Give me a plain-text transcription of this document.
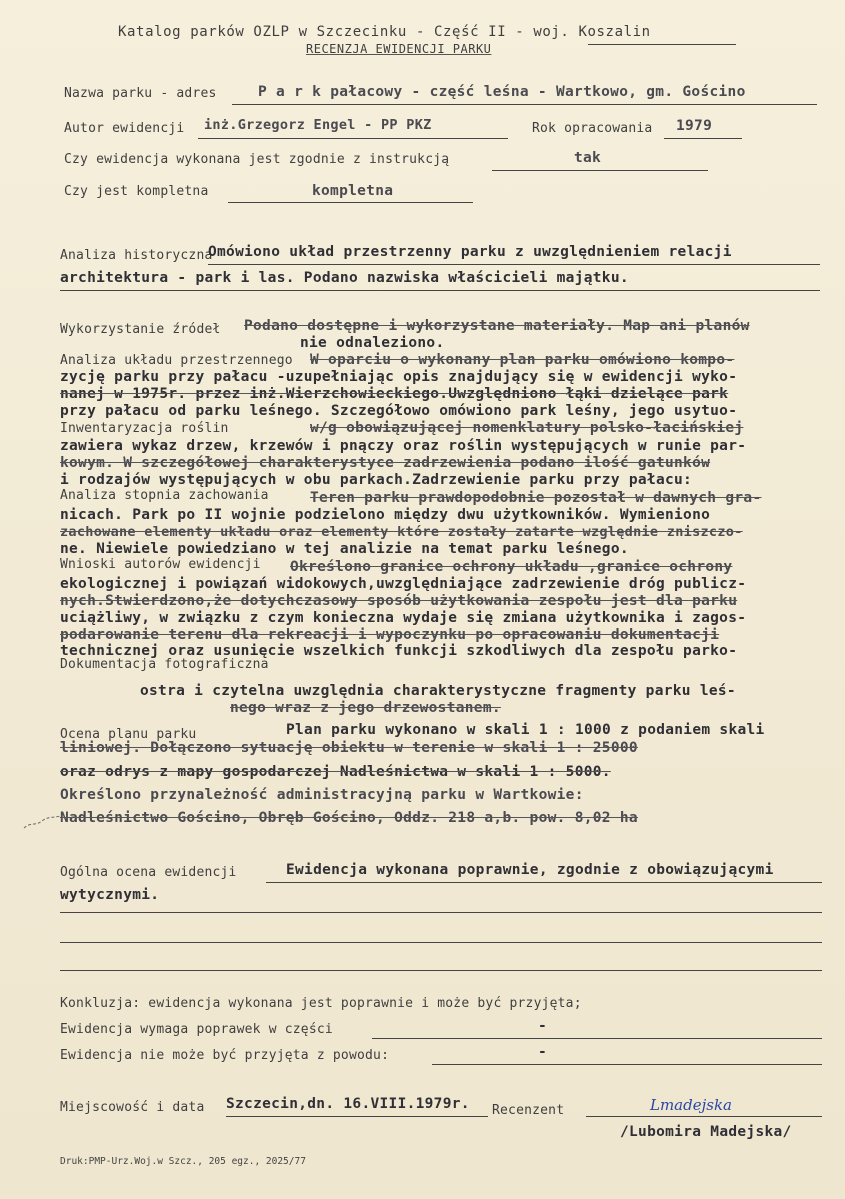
Katalog parków OZLP w Szczecinku - Część II - woj. Koszalin
RECENZJA EWIDENCJI PARKU
Nazwa parku - adres	P a r k pałacowy - część leśna - Wartkowo, gm. Gościno
Autor ewidencji inż.Grzegorz Engel - PP PKZ	Rok opracowania 1979
Czy ewidencja wykonana jest zgodnie z instrukcją	tak
Czy jest kompletna	kompletna
Analiza historyczna
Omówiono układ przestrzenny parku z uwzględnieniem relacji
architektura - park i las. Podano nazwiska właścicieli majątku.
Wykorzystanie źródeł Podano dostępne i wykorzystane materiały. Map ani planów
nie odnaleziono.
Analiza układu przestrzennego W oparciu o wykonany plan parku omówiono kompo-
zycję parku przy pałacu -uzupełniając opis znajdujący się w ewidencji wyko-
nanej w 1975r. przez inż.Wierzchowieckiego.Uwzględniono łąki dzielące park
przy pałacu od parku leśnego. Szczegółowo omówiono park leśny, jego usytuo-
Inwentaryzacja roślin	w/g obowiązującej nomenklatury polsko-łacińskiej
zawiera wykaz drzew, krzewów i pnączy oraz roślin występujących w runie par-
kowym. W szczegółowej charakterystyce zadrzewienia podano ilość gatunków
i rodzajów występujących w obu parkach.Zadrzewienie parku przy pałacu:
Analiza stopnia zachowania	Teren parku prawdopodobnie pozostał w dawnych gra-
nicach. Park po II wojnie podzielono między dwu użytkowników. Wymieniono
zachowane elementy układu oraz elementy które zostały zatarte względnie zniszczo-
ne. Niewiele powiedziano w tej analizie na temat parku leśnego.
Wnioski autorów ewidencji Określono granice ochrony układu ,granice ochrony
ekologicznej i powiązań widokowych,uwzględniające zadrzewienie dróg publicz-
nych.Stwierdzono,że dotychczasowy sposób użytkowania zespołu jest dla parku
uciążliwy, w związku z czym konieczna wydaje się zmiana użytkownika i zagos-
podarowanie terenu dla rekreacji i wypoczynku po opracowaniu dokumentacji
technicznej oraz usunięcie wszelkich funkcji szkodliwych dla zespołu parko-
Dokumentacja fotograficzna
ostra i czytelna uwzględnia charakterystyczne fragmenty parku leś-
nego wraz z jego drzewostanem.
Ocena planu parku	Plan parku wykonano w skali 1 : 1000 z podaniem skali
liniowej. Dołączono sytuację obiektu w terenie w skali 1 : 25000
oraz odrys z mapy gospodarczej Nadleśnictwa w skali 1 : 5000.
Określono przynależność administracyjną parku w Wartkowie:
Nadleśnictwo Gościno, Obręb Gościno, Oddz. 218 a,b. pow. 8,02 ha
Ogólna ocena ewidencji	Ewidencja wykonana poprawnie, zgodnie z obowiązującymi
wytycznymi.
Konkluzja: ewidencja wykonana jest poprawnie i może być przyjęta;
Ewidencja wymaga poprawek w części	-
Ewidencja nie może być przyjęta z powodu:	-
Miejscowość i data Szczecin,dn. 16.VIII.1979r. Recenzent	Lmadejska
/Lubomira Madejska/
Druk:PMP-Urz.Woj.w Szcz., 205 egz., 2025/77
